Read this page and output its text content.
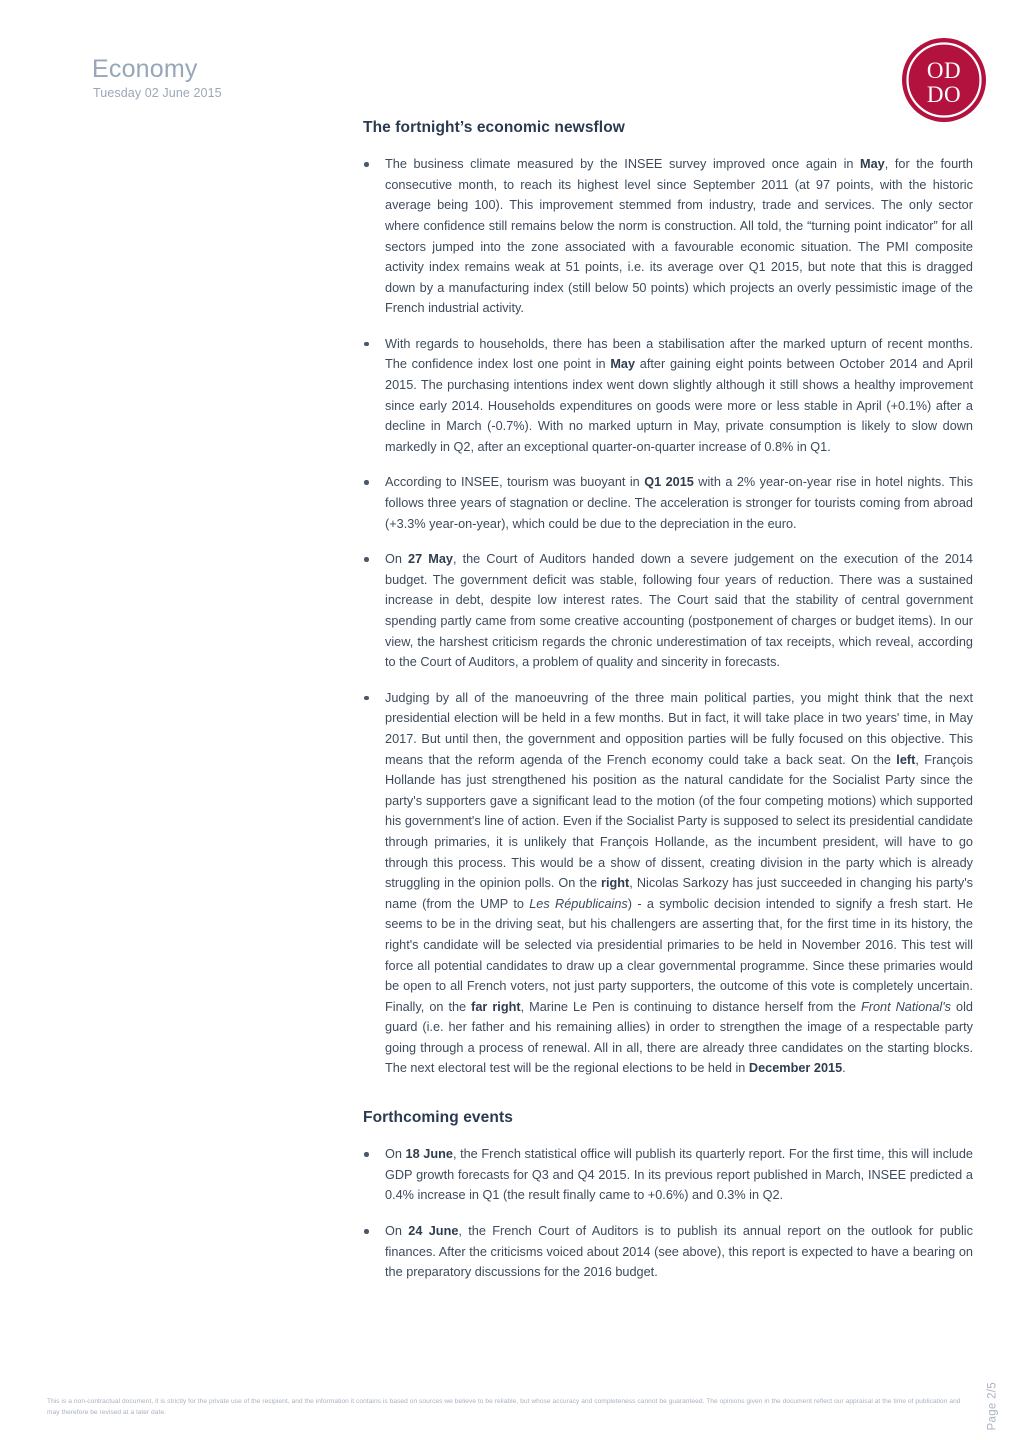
Economy
Tuesday 02 June 2015
OD
DO
The fortnight’s economic newsflow
The business climate measured by the INSEE survey improved once again in May, for the fourth consecutive month, to reach its highest level since September 2011 (at 97 points, with the historic average being 100). This improvement stemmed from industry, trade and services. The only sector where confidence still remains below the norm is construction. All told, the “turning point indicator” for all sectors jumped into the zone associated with a favourable economic situation. The PMI composite activity index remains weak at 51 points, i.e. its average over Q1 2015, but note that this is dragged down by a manufacturing index (still below 50 points) which projects an overly pessimistic image of the French industrial activity.
With regards to households, there has been a stabilisation after the marked upturn of recent months. The confidence index lost one point in May after gaining eight points between October 2014 and April 2015. The purchasing intentions index went down slightly although it still shows a healthy improvement since early 2014. Households expenditures on goods were more or less stable in April (+0.1%) after a decline in March (-0.7%). With no marked upturn in May, private consumption is likely to slow down markedly in Q2, after an exceptional quarter-on-quarter increase of 0.8% in Q1.
According to INSEE, tourism was buoyant in Q1 2015 with a 2% year-on-year rise in hotel nights. This follows three years of stagnation or decline. The acceleration is stronger for tourists coming from abroad (+3.3% year-on-year), which could be due to the depreciation in the euro.
On 27 May, the Court of Auditors handed down a severe judgement on the execution of the 2014 budget. The government deficit was stable, following four years of reduction. There was a sustained increase in debt, despite low interest rates. The Court said that the stability of central government spending partly came from some creative accounting (postponement of charges or budget items). In our view, the harshest criticism regards the chronic underestimation of tax receipts, which reveal, according to the Court of Auditors, a problem of quality and sincerity in forecasts.
Judging by all of the manoeuvring of the three main political parties, you might think that the next presidential election will be held in a few months. But in fact, it will take place in two years' time, in May 2017. But until then, the government and opposition parties will be fully focused on this objective. This means that the reform agenda of the French economy could take a back seat. On the left, François Hollande has just strengthened his position as the natural candidate for the Socialist Party since the party's supporters gave a significant lead to the motion (of the four competing motions) which supported his government's line of action. Even if the Socialist Party is supposed to select its presidential candidate through primaries, it is unlikely that François Hollande, as the incumbent president, will have to go through this process. This would be a show of dissent, creating division in the party which is already struggling in the opinion polls. On the right, Nicolas Sarkozy has just succeeded in changing his party's name (from the UMP to Les Républicains) - a symbolic decision intended to signify a fresh start. He seems to be in the driving seat, but his challengers are asserting that, for the first time in its history, the right's candidate will be selected via presidential primaries to be held in November 2016. This test will force all potential candidates to draw up a clear governmental programme. Since these primaries would be open to all French voters, not just party supporters, the outcome of this vote is completely uncertain. Finally, on the far right, Marine Le Pen is continuing to distance herself from the Front National's old guard (i.e. her father and his remaining allies) in order to strengthen the image of a respectable party going through a process of renewal. All in all, there are already three candidates on the starting blocks. The next electoral test will be the regional elections to be held in December 2015.
Forthcoming events
On 18 June, the French statistical office will publish its quarterly report. For the first time, this will include GDP growth forecasts for Q3 and Q4 2015. In its previous report published in March, INSEE predicted a 0.4% increase in Q1 (the result finally came to +0.6%) and 0.3% in Q2.
On 24 June, the French Court of Auditors is to publish its annual report on the outlook for public finances. After the criticisms voiced about 2014 (see above), this report is expected to have a bearing on the preparatory discussions for the 2016 budget.
Page 2/5
This is a non-contractual document, it is strictly for the private use of the recipient, and the information it contains is based on sources we believe to be reliable, but whose accuracy and completeness cannot be guaranteed. The opinions given in the document reflect our appraisal at the time of publication and may therefore be revised at a later date.
